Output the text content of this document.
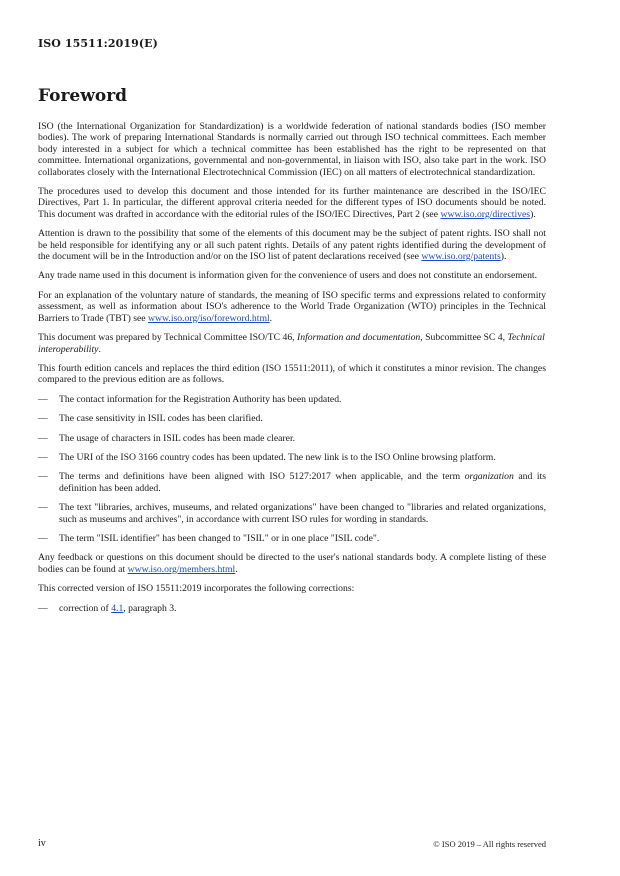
ISO 15511:2019(E)
Foreword

ISO (the International Organization for Standardization) is a worldwide federation of national standards bodies (ISO member bodies). The work of preparing International Standards is normally carried out through ISO technical committees. Each member body interested in a subject for which a technical committee has been established has the right to be represented on that committee. International organizations, governmental and non-governmental, in liaison with ISO, also take part in the work. ISO collaborates closely with the International Electrotechnical Commission (IEC) on all matters of electrotechnical standardization.

The procedures used to develop this document and those intended for its further maintenance are described in the ISO/IEC Directives, Part 1. In particular, the different approval criteria needed for the different types of ISO documents should be noted. This document was drafted in accordance with the editorial rules of the ISO/IEC Directives, Part 2 (see www.iso.org/directives).

Attention is drawn to the possibility that some of the elements of this document may be the subject of patent rights. ISO shall not be held responsible for identifying any or all such patent rights. Details of any patent rights identified during the development of the document will be in the Introduction and/or on the ISO list of patent declarations received (see www.iso.org/patents).

Any trade name used in this document is information given for the convenience of users and does not constitute an endorsement.

For an explanation of the voluntary nature of standards, the meaning of ISO specific terms and expressions related to conformity assessment, as well as information about ISO's adherence to the World Trade Organization (WTO) principles in the Technical Barriers to Trade (TBT) see www.iso.org/iso/foreword.html.

This document was prepared by Technical Committee ISO/TC 46, Information and documentation, Subcommittee SC 4, Technical interoperability.

This fourth edition cancels and replaces the third edition (ISO 15511:2011), of which it constitutes a minor revision. The changes compared to the previous edition are as follows.

—	The contact information for the Registration Authority has been updated.
—	The case sensitivity in ISIL codes has been clarified.
—	The usage of characters in ISIL codes has been made clearer.
—	The URI of the ISO 3166 country codes has been updated. The new link is to the ISO Online browsing platform.
—	The terms and definitions have been aligned with ISO 5127:2017 when applicable, and the term organization and its definition has been added.
—	The text "libraries, archives, museums, and related organizations" have been changed to "libraries and related organizations, such as museums and archives", in accordance with current ISO rules for wording in standards.
—	The term "ISIL identifier" has been changed to "ISIL" or in one place "ISIL code".

Any feedback or questions on this document should be directed to the user's national standards body. A complete listing of these bodies can be found at www.iso.org/members.html.

This corrected version of ISO 15511:2019 incorporates the following corrections:

—	correction of 4.1, paragraph 3.
iv	© ISO 2019 – All rights reserved
